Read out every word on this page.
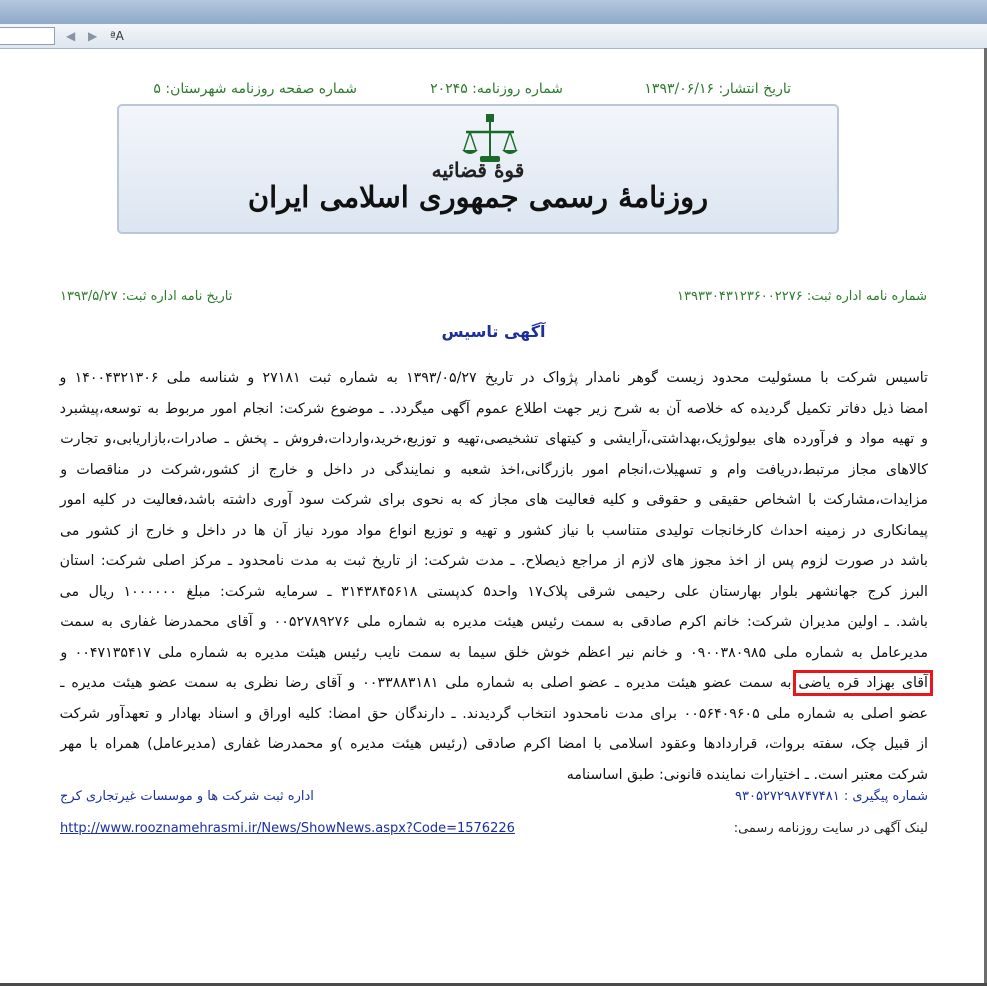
◀ ▶ ªA
تاریخ انتشار: ۱۳۹۳/۰۶/۱۶
شماره روزنامه: ۲۰۲۴۵
شماره صفحه روزنامه شهرستان: ۵
قوهٔ قضائیه
روزنامهٔ رسمی جمهوری اسلامی ایران
شماره نامه اداره ثبت: ۱۳۹۳۳۰۴۳۱۲۳۶۰۰۲۲۷۶
تاریخ نامه اداره ثبت: ۱۳۹۳/۵/۲۷
آگهی تاسیس
تاسیس شرکت با مسئولیت محدود زیست گوهر نامدار پژواک در تاریخ ۱۳۹۳/۰۵/۲۷ به شماره ثبت ۲۷۱۸۱ و شناسه ملی ۱۴۰۰۴۳۲۱۳۰۶ و
امضا ذیل دفاتر تکمیل گردیده که خلاصه آن به شرح زیر جهت اطلاع عموم آگهی میگردد. ـ موضوع شرکت: انجام امور مربوط به توسعه،پیشبرد
و تهیه مواد و فرآورده های بیولوژیک،بهداشتی،آرایشی و کیتهای تشخیصی،تهیه و توزیع،خرید،واردات،فروش ـ پخش ـ صادرات،بازاریابی،و تجارت
کالاهای مجاز مرتبط،دریافت وام و تسهیلات،انجام امور بازرگانی،اخذ شعبه و نمایندگی در داخل و خارج از کشور،شرکت در مناقصات و
مزایدات،مشارکت با اشخاص حقیقی و حقوقی و کلیه فعالیت های مجاز که به نحوی برای شرکت سود آوری داشته باشد،فعالیت در کلیه امور
پیمانکاری در زمینه احداث کارخانجات تولیدی متناسب با نیاز کشور و تهیه و توزیع انواع مواد مورد نیاز آن ها در داخل و خارج از کشور می
باشد در صورت لزوم پس از اخذ مجوز های لازم از مراجع ذیصلاح. ـ مدت شرکت: از تاریخ ثبت به مدت نامحدود ـ مرکز اصلی شرکت: استان
البرز کرج جهانشهر بلوار بهارستان علی رحیمی شرقی پلاک۱۷ واحد۵ کدپستی ۳۱۴۳۸۴۵۶۱۸ ـ سرمایه شرکت: مبلغ ۱۰۰۰۰۰۰ ریال می
باشد. ـ اولین مدیران شرکت: خانم اکرم صادقی به سمت رئیس هیئت مدیره به شماره ملی ۰۰۵۲۷۸۹۲۷۶ و آقای محمدرضا غفاری به سمت
مدیرعامل به شماره ملی ۰۹۰۰۳۸۰۹۸۵ و خانم نیر اعظم خوش خلق سیما به سمت نایب رئیس هیئت مدیره به شماره ملی ۰۰۴۷۱۳۵۴۱۷ و
آقای بهزاد قره یاضی به سمت عضو هیئت مدیره ـ عضو اصلی به شماره ملی ۰۰۳۳۸۸۳۱۸۱ و آقای رضا نظری به سمت عضو هیئت مدیره ـ
عضو اصلی به شماره ملی ۰۰۵۶۴۰۹۶۰۵ برای مدت نامحدود انتخاب گردیدند. ـ دارندگان حق امضا: کلیه اوراق و اسناد بهادار و تعهدآور شرکت
از قبیل چک، سفته بروات، قراردادها وعقود اسلامی با امضا اکرم صادقی (رئیس هیئت مدیره )و محمدرضا غفاری (مدیرعامل) همراه با مهر
شرکت معتبر است. ـ اختیارات نماینده قانونی: طبق اساسنامه
شماره پیگیری : ۹۳۰۵۲۷۲۹۸۷۴۷۴۸۱
اداره ثبت شرکت ها و موسسات غیرتجاری کرج
لینک آگهی در سایت روزنامه رسمی:
http://www.rooznamehrasmi.ir/News/ShowNews.aspx?Code=1576226
